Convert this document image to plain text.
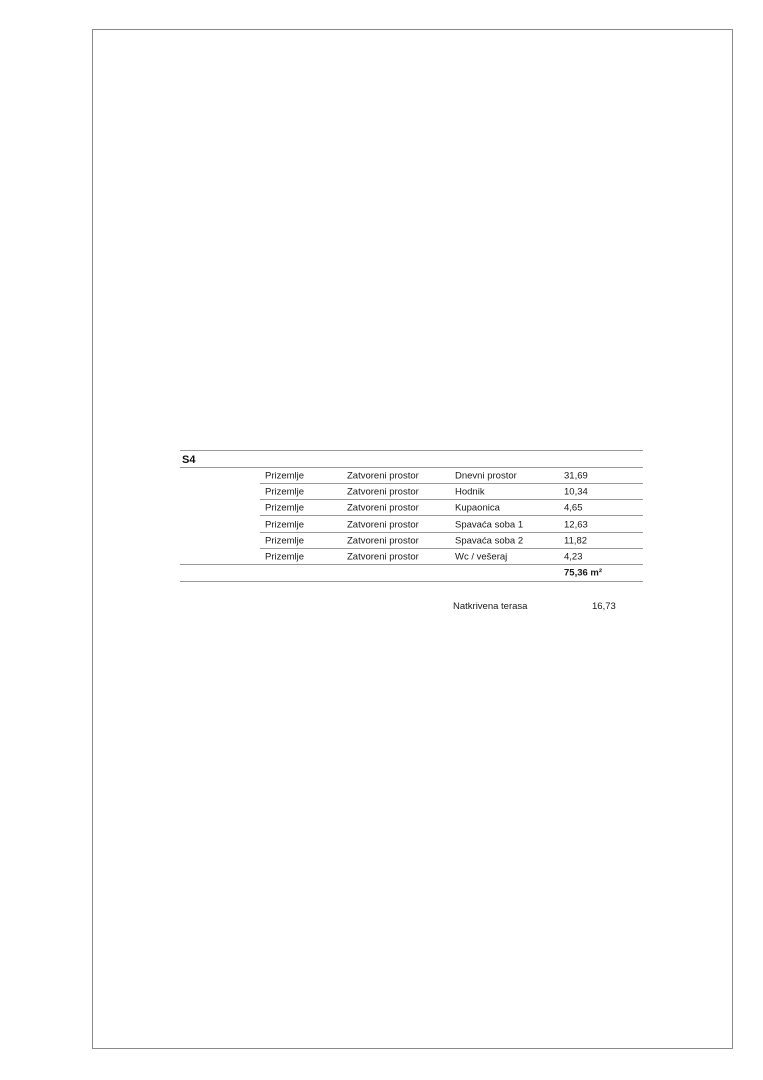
S4
Prizemlje	Zatvoreni prostor	Dnevni prostor	31,69
Prizemlje	Zatvoreni prostor	Hodnik	10,34
Prizemlje	Zatvoreni prostor	Kupaonica	4,65
Prizemlje	Zatvoreni prostor	Spavaća soba 1	12,63
Prizemlje	Zatvoreni prostor	Spavaća soba 2	11,82
Prizemlje	Zatvoreni prostor	Wc / vešeraj	4,23
75,36 m²
Natkrivena terasa	16,73
